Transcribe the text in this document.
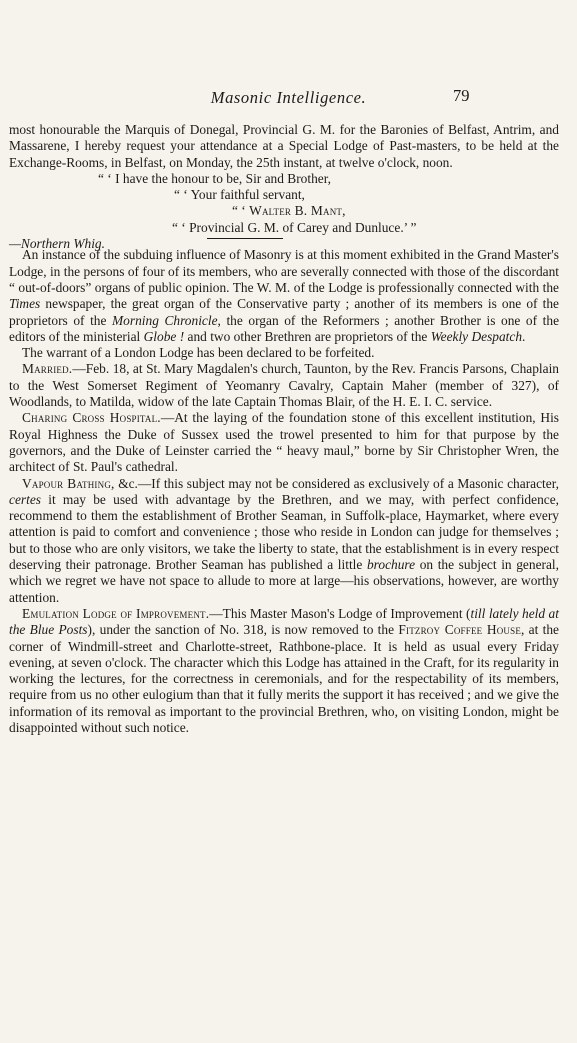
Masonic Intelligence.	79

most honourable the Marquis of Donegal, Provincial G. M. for the Baronies of Belfast, Antrim, and Massarene, I hereby request your attendance at a Special Lodge of Past-masters, to be held at the Exchange-Rooms, in Belfast, on Monday, the 25th instant, at twelve o'clock, noon.

“ ‘ I have the honour to be, Sir and Brother,

“ ‘ Your faithful servant,

“ ‘ Walter B. Mant,

“ ‘ Provincial G. M. of Carey and Dunluce.’ ”

—Northern Whig.

An instance of the subduing influence of Masonry is at this moment exhibited in the Grand Master's Lodge, in the persons of four of its members, who are severally connected with those of the discordant “ out-of-doors” organs of public opinion. The W. M. of the Lodge is professionally connected with the Times newspaper, the great organ of the Conservative party ; another of its members is one of the proprietors of the Morning Chronicle, the organ of the Reformers ; another Brother is one of the editors of the ministerial Globe ! and two other Brethren are proprietors of the Weekly Despatch.

The warrant of a London Lodge has been declared to be forfeited.

Married.—Feb. 18, at St. Mary Magdalen's church, Taunton, by the Rev. Francis Parsons, Chaplain to the West Somerset Regiment of Yeomanry Cavalry, Captain Maher (member of 327), of Woodlands, to Matilda, widow of the late Captain Thomas Blair, of the H. E. I. C. service.

Charing Cross Hospital.—At the laying of the foundation stone of this excellent institution, His Royal Highness the Duke of Sussex used the trowel presented to him for that purpose by the governors, and the Duke of Leinster carried the “ heavy maul,” borne by Sir Christopher Wren, the architect of St. Paul's cathedral.

Vapour Bathing, &c.—If this subject may not be considered as exclusively of a Masonic character, certes it may be used with advantage by the Brethren, and we may, with perfect confidence, recommend to them the establishment of Brother Seaman, in Suffolk-place, Haymarket, where every attention is paid to comfort and convenience ; those who reside in London can judge for themselves ; but to those who are only visitors, we take the liberty to state, that the establishment is in every respect deserving their patronage. Brother Seaman has published a little brochure on the subject in general, which we regret we have not space to allude to more at large—his observations, however, are worthy attention.

Emulation Lodge of Improvement.—This Master Mason's Lodge of Improvement (till lately held at the Blue Posts), under the sanction of No. 318, is now removed to the Fitzroy Coffee House, at the corner of Windmill-street and Charlotte-street, Rathbone-place. It is held as usual every Friday evening, at seven o'clock. The character which this Lodge has attained in the Craft, for its regularity in working the lectures, for the correctness in ceremonials, and for the respectability of its members, require from us no other eulogium than that it fully merits the support it has received ; and we give the information of its removal as important to the provincial Brethren, who, on visiting London, might be disappointed without such notice.
